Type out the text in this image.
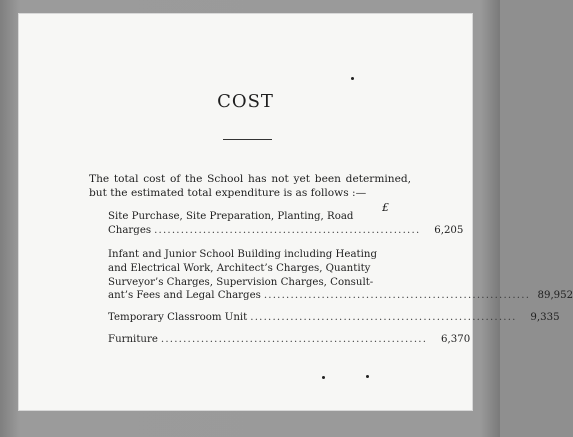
COST
The total cost of the School has not yet been determined, but the estimated total expenditure is as follows :—
£
Site Purchase, Site Preparation, Planting, Road
Charges ............................................................	6,205
Infant and Junior School Building including Heating
and Electrical Work, Architect’s Charges, Quantity
Surveyor’s Charges, Supervision Charges, Consult-
ant’s Fees and Legal Charges ............................................................ 89,952
Temporary Classroom Unit ............................................................	9,335
Furniture ............................................................	6,370
